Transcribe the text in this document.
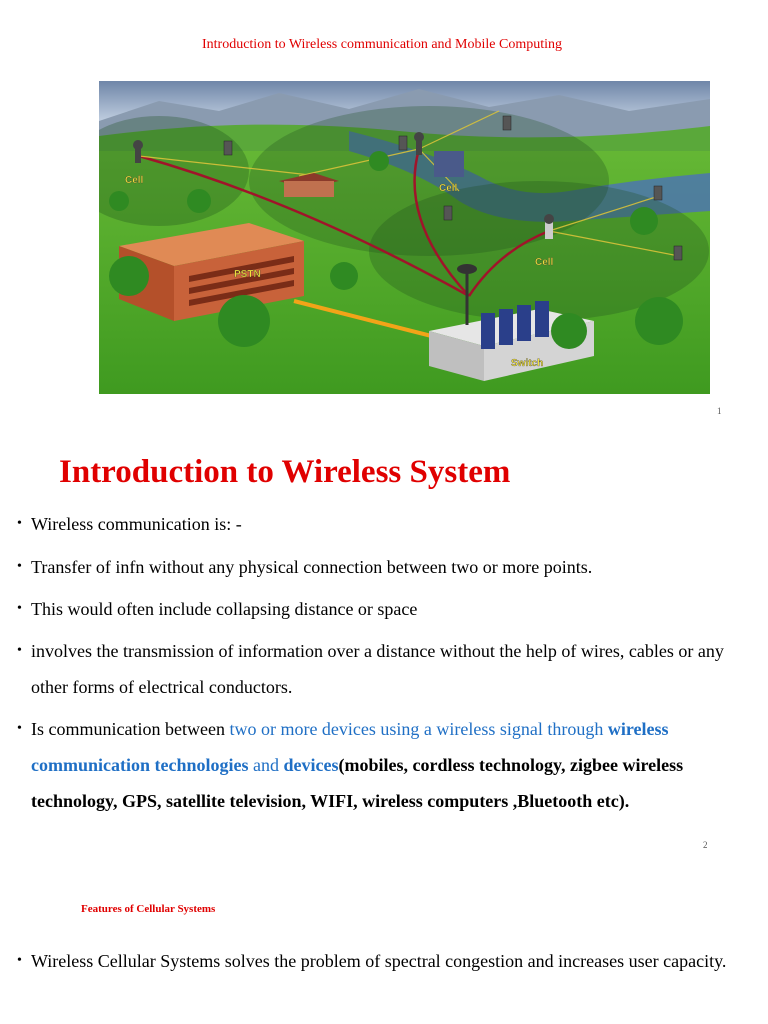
Introduction to Wireless communication and Mobile Computing
Cell
Cell
Cell
PSTN
Switch
1
Introduction to Wireless System
• Wireless communication is: -
• Transfer of infn without any physical connection between two or more points.
• This would often include collapsing distance or space
• involves the transmission of information over a distance without the help of wires, cables or any other forms of electrical conductors.
• Is communication between two or more devices using a wireless signal through wireless communication technologies and devices(mobiles, cordless technology, zigbee wireless technology, GPS, satellite television, WIFI, wireless computers ,Bluetooth etc).
2
Features of Cellular Systems
• Wireless Cellular Systems solves the problem of spectral congestion and increases user capacity.
